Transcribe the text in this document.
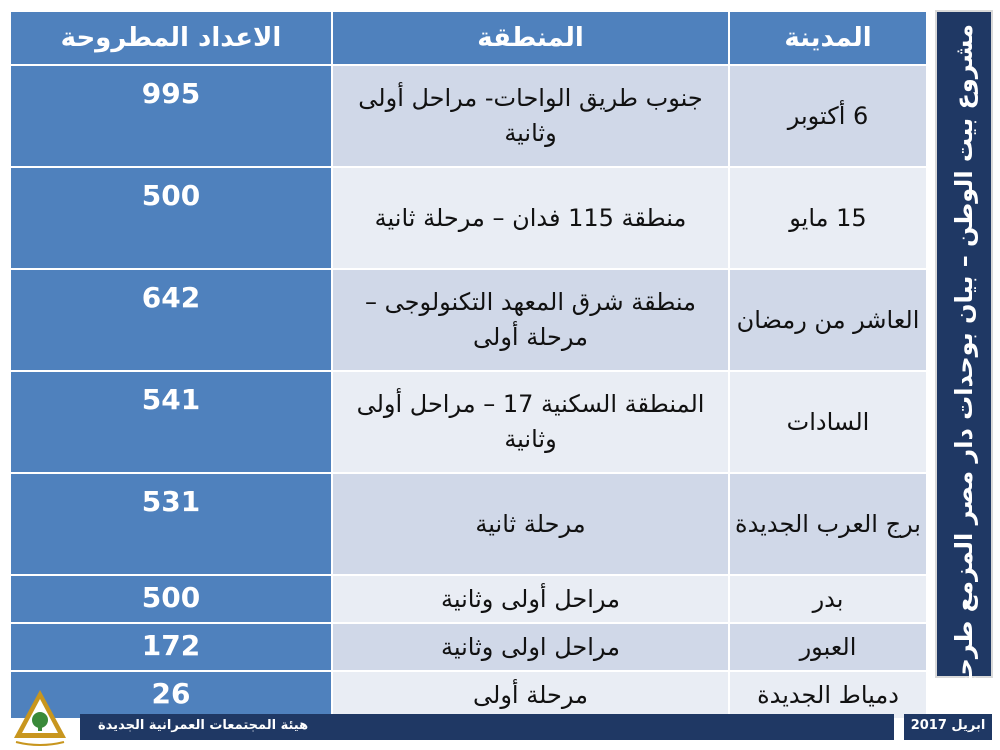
المدينة	المنطقة	الاعداد المطروحة
6 أكتوبر	جنوب طريق الواحات- مراحل أولى وثانية	995
15 مايو	منطقة 115 فدان – مرحلة ثانية	500
العاشر من رمضان	منطقة شرق المعهد التكنولوجى – مرحلة أولى	642
السادات	المنطقة السكنية 17 – مراحل أولى وثانية	541
برج العرب الجديدة	مرحلة ثانية	531
بدر	مراحل أولى وثانية	500
العبور	مراحل اولى وثانية	172
دمياط الجديدة	مرحلة أولى	26	مشروع بيت الوطن – بيان بوحدات دار مصر المزمع طرحها
هيئة المجتمعات العمرانية الجديدة	ابريل 2017
